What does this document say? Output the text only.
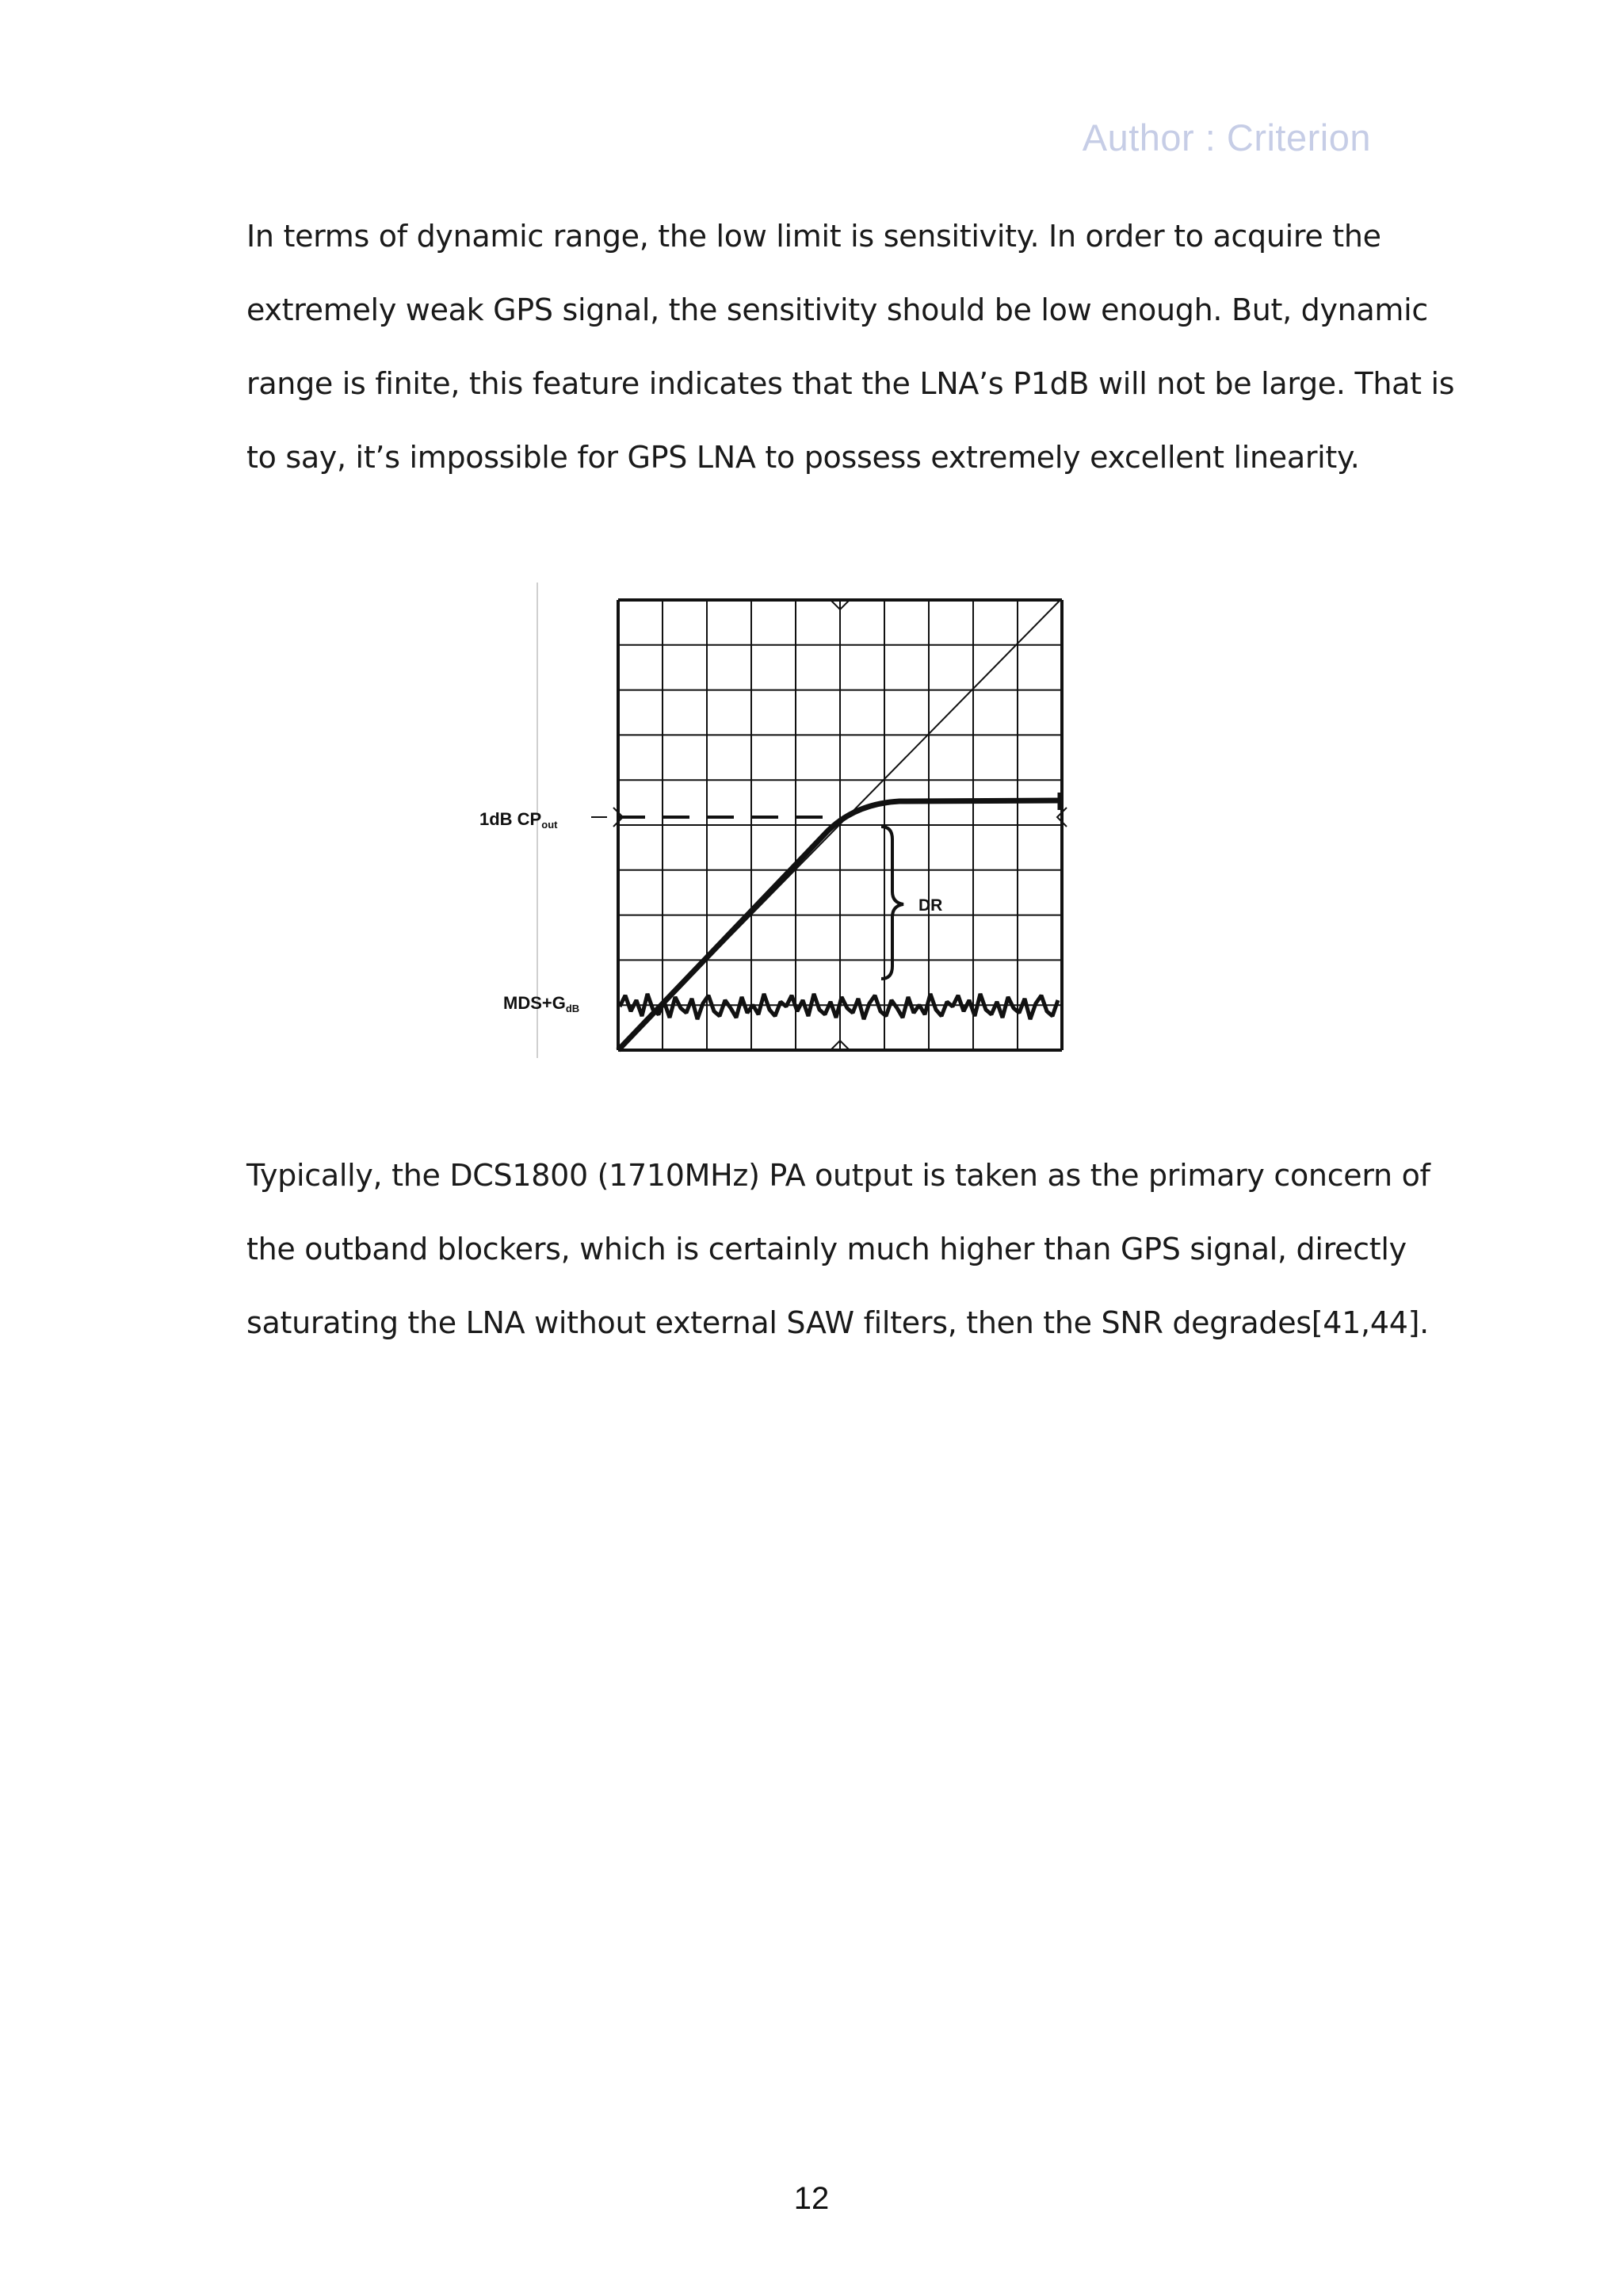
Author : Criterion

In terms of dynamic range, the low limit is sensitivity. In order to acquire the
extremely weak GPS signal, the sensitivity should be low enough. But, dynamic
range is finite, this feature indicates that the LNA’s P1dB will not be large. That is
to say, it’s impossible for GPS LNA to possess extremely excellent linearity.

1dB CPout
MDS+GdB
DR

Typically, the DCS1800 (1710MHz) PA output is taken as the primary concern of
the outband blockers, which is certainly much higher than GPS signal, directly
saturating the LNA without external SAW filters, then the SNR degrades[41,44].

12
